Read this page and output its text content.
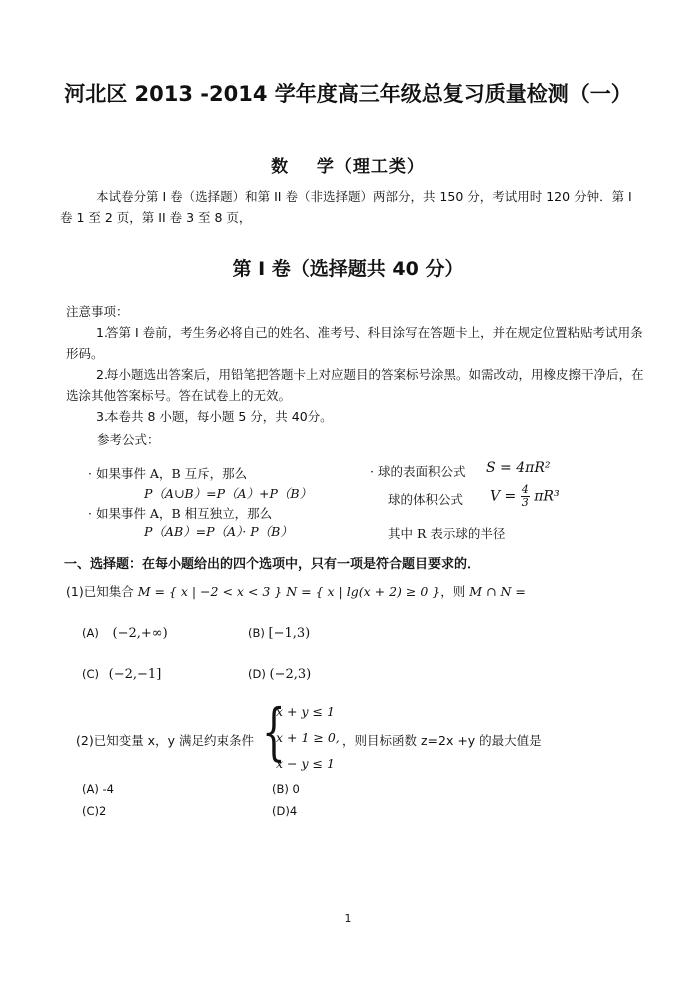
河北区 2013 -2014 学年度高三年级总复习质量检测（一）
数    学（理工类）
本试卷分第 I 卷（选择题）和第 II 卷（非选择题）两部分，共 150 分，考试用时 120 分钟．第 I 卷 1 至 2 页，第 II 卷 3 至 8 页，
第 I 卷（选择题共 40 分）
注意事项：
1. 答第 I 卷前，考生务必将自己的姓名、准考号、科目涂写在答题卡上，并在规定位置粘贴考试用条形码。
2. 每小题选出答案后，用铅笔把答题卡上对应题目的答案标号涂黑。如需改动，用橡皮擦干净后，在选涂其他答案标号。答在试卷上的无效。
3. 本卷共 8 小题，每小题 5 分，共 40分。
参考公式：
· 如果事件 A，B 互斥，那么
P（A∪B）=P（A）+P（B）
· 如果事件 A，B 相互独立，那么
P（AB）=P（A）· P（B）
· 球的表面积公式 S = 4πR²
球的体积公式 $V = \frac{4}{3} \pi R^3$
其中 R 表示球的半径
一、选择题：在每小题给出的四个选项中，只有一项是符合题目要求的．
(1)已知集合 M = { x | −2 < x < 3 } N = { x | lg(x + 2) ≥ 0 }，则 M ∩ N =
(A) (−2,+∞)	(B) [−1,3)
(C) (−2,−1]	(D) (−2,3)
(2)已知变量 x，y 满足约束条件 {
x + y ≤ 1
x + 1 ≥ 0,
x − y ≤ 1
，则目标函数 z=2x +y 的最大值是
(A) -4	(B) 0
(C)2	(D)4
1
